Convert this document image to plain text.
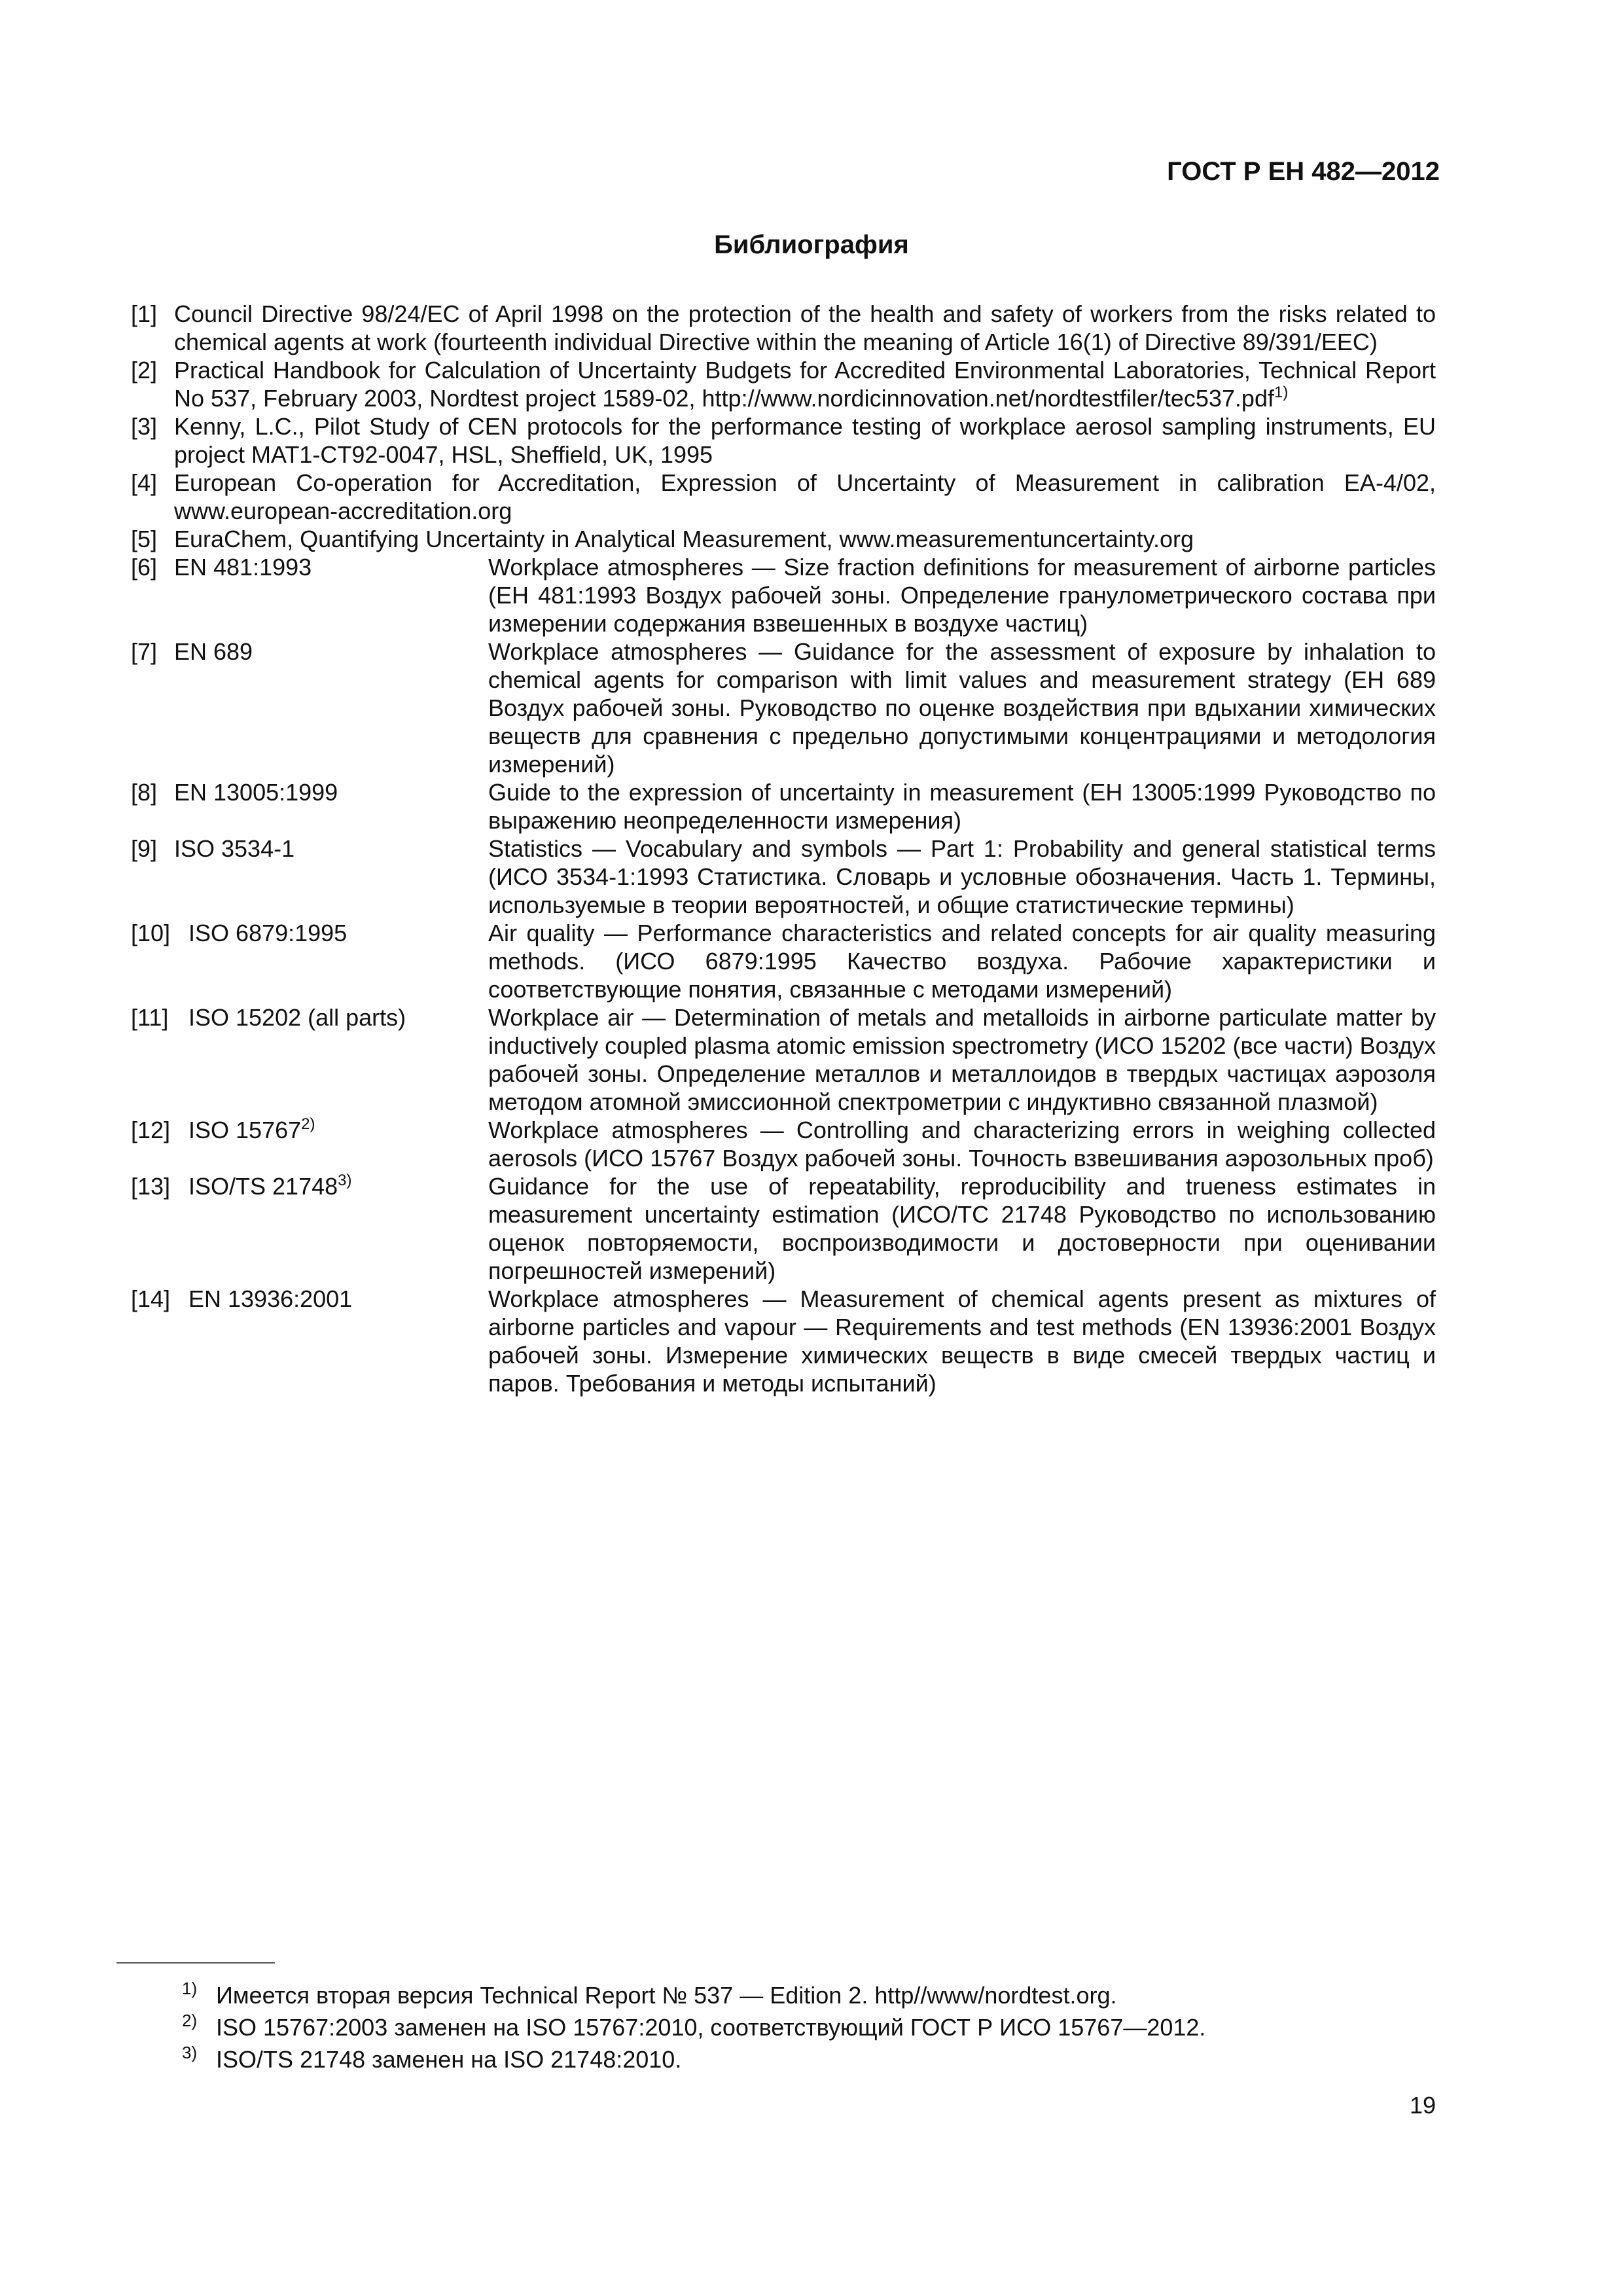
ГОСТ Р ЕН 482—2012
Библиография
[1] Council Directive 98/24/EC of April 1998 on the protection of the health and safety of workers from the risks related to chemical agents at work (fourteenth individual Directive within the meaning of Article 16(1) of Directive 89/391/EEC)
[2] Practical Handbook for Calculation of Uncertainty Budgets for Accredited Environmental Laboratories, Technical Report No 537, February 2003, Nordtest project 1589-02, http://www.nordicinnovation.net/nordtestfiler/tec537.pdf$^{1)}$
[3] Kenny, L.C., Pilot Study of CEN protocols for the performance testing of workplace aerosol sampling instruments, EU project MAT1-CT92-0047, HSL, Sheffield, UK, 1995
[4] European Co-operation for Accreditation, Expression of Uncertainty of Measurement in calibration EA-4/02, www.european-accreditation.org
[5] EuraChem, Quantifying Uncertainty in Analytical Measurement, www.measurementuncertainty.org
[6] EN 481:1993	Workplace atmospheres — Size fraction definitions for measurement of airborne particles (ЕН 481:1993 Воздух рабочей зоны. Определение гранулометрического состава при измерении содержания взвешенных в воздухе частиц)
[7] EN 689	Workplace atmospheres — Guidance for the assessment of exposure by inhalation to chemical agents for comparison with limit values and measurement strategy (ЕН 689 Воздух рабочей зоны. Руководство по оценке воздействия при вдыхании химических веществ для сравнения с предельно допустимыми концентрациями и методология измерений)
[8] EN 13005:1999	Guide to the expression of uncertainty in measurement (ЕН 13005:1999 Руководство по выражению неопределенности измерения)
[9] ISO 3534-1	Statistics — Vocabulary and symbols — Part 1: Probability and general statistical terms (ИСО 3534-1:1993 Статистика. Словарь и условные обозначения. Часть 1. Термины, используемые в теории вероятностей, и общие статистические термины)
[10] ISO 6879:1995	Air quality — Performance characteristics and related concepts for air quality measuring methods. (ИСО 6879:1995 Качество воздуха. Рабочие характеристики и соответствующие понятия, связанные с методами измерений)
[11] ISO 15202 (all parts)	Workplace air — Determination of metals and metalloids in airborne particulate matter by inductively coupled plasma atomic emission spectrometry (ИСО 15202 (все части) Воздух рабочей зоны. Определение металлов и металлоидов в твердых частицах аэрозоля методом атомной эмиссионной спектрометрии с индуктивно связанной плазмой)
[12] ISO 15767$^{2)}$	Workplace atmospheres — Controlling and characterizing errors in weighing collected aerosols (ИСО 15767 Воздух рабочей зоны. Точность взвешивания аэрозольных проб)
[13] ISO/TS 21748$^{3)}$	Guidance for the use of repeatability, reproducibility and trueness estimates in measurement uncertainty estimation (ИСО/ТС 21748 Руководство по использованию оценок повторяемости, воспроизводимости и достоверности при оценивании погрешностей измерений)
[14] EN 13936:2001	Workplace atmospheres — Measurement of chemical agents present as mixtures of airborne particles and vapour — Requirements and test methods (EN 13936:2001 Воздух рабочей зоны. Измерение химических веществ в виде смесей твердых частиц и паров. Требования и методы испытаний)
1) Имеется вторая версия Technical Report № 537 — Edition 2. http//www/nordtest.org.
2) ISO 15767:2003 заменен на ISO 15767:2010, соответствующий ГОСТ Р ИСО 15767—2012.
3) ISO/TS 21748 заменен на ISO 21748:2010.
19
